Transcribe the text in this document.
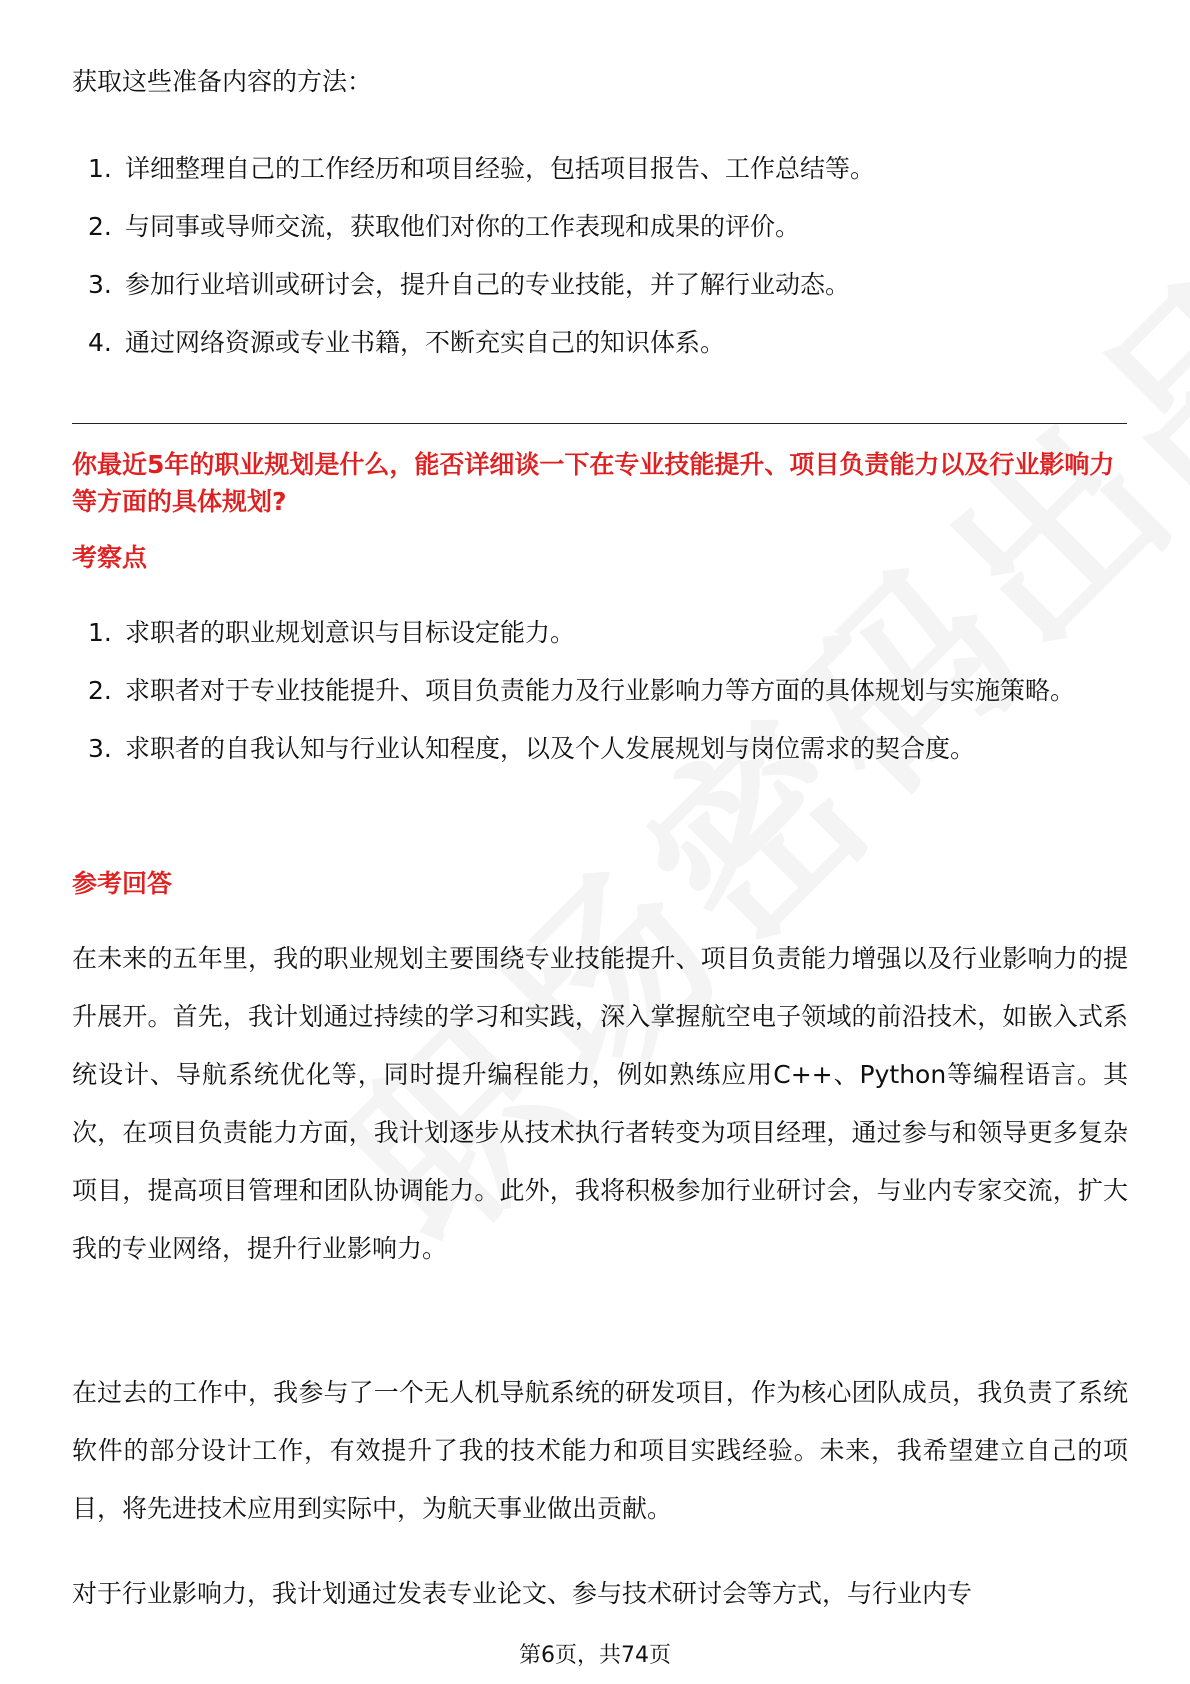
获取这些准备内容的方法：
1. 详细整理自己的工作经历和项目经验，包括项目报告、工作总结等。
2. 与同事或导师交流，获取他们对你的工作表现和成果的评价。
3. 参加行业培训或研讨会，提升自己的专业技能，并了解行业动态。
4. 通过网络资源或专业书籍，不断充实自己的知识体系。
你最近5年的职业规划是什么，能否详细谈一下在专业技能提升、项目负责能力以及行业影响力等方面的具体规划?
考察点
1. 求职者的职业规划意识与目标设定能力。
2. 求职者对于专业技能提升、项目负责能力及行业影响力等方面的具体规划与实施策略。
3. 求职者的自我认知与行业认知程度，以及个人发展规划与岗位需求的契合度。
参考回答

在未来的五年里，我的职业规划主要围绕专业技能提升、项目负责能力增强以及行业影响力的提升展开。首先，我计划通过持续的学习和实践，深入掌握航空电子领域的前沿技术，如嵌入式系统设计、导航系统优化等，同时提升编程能力，例如熟练应用C++、Python等编程语言。其次，在项目负责能力方面，我计划逐步从技术执行者转变为项目经理，通过参与和领导更多复杂项目，提高项目管理和团队协调能力。此外，我将积极参加行业研讨会，与业内专家交流，扩大我的专业网络，提升行业影响力。

在过去的工作中，我参与了一个无人机导航系统的研发项目，作为核心团队成员，我负责了系统软件的部分设计工作，有效提升了我的技术能力和项目实践经验。未来，我希望建立自己的项目，将先进技术应用到实际中，为航天事业做出贡献。

对于行业影响力，我计划通过发表专业论文、参与技术研讨会等方式，与行业内专

第6页，共74页
